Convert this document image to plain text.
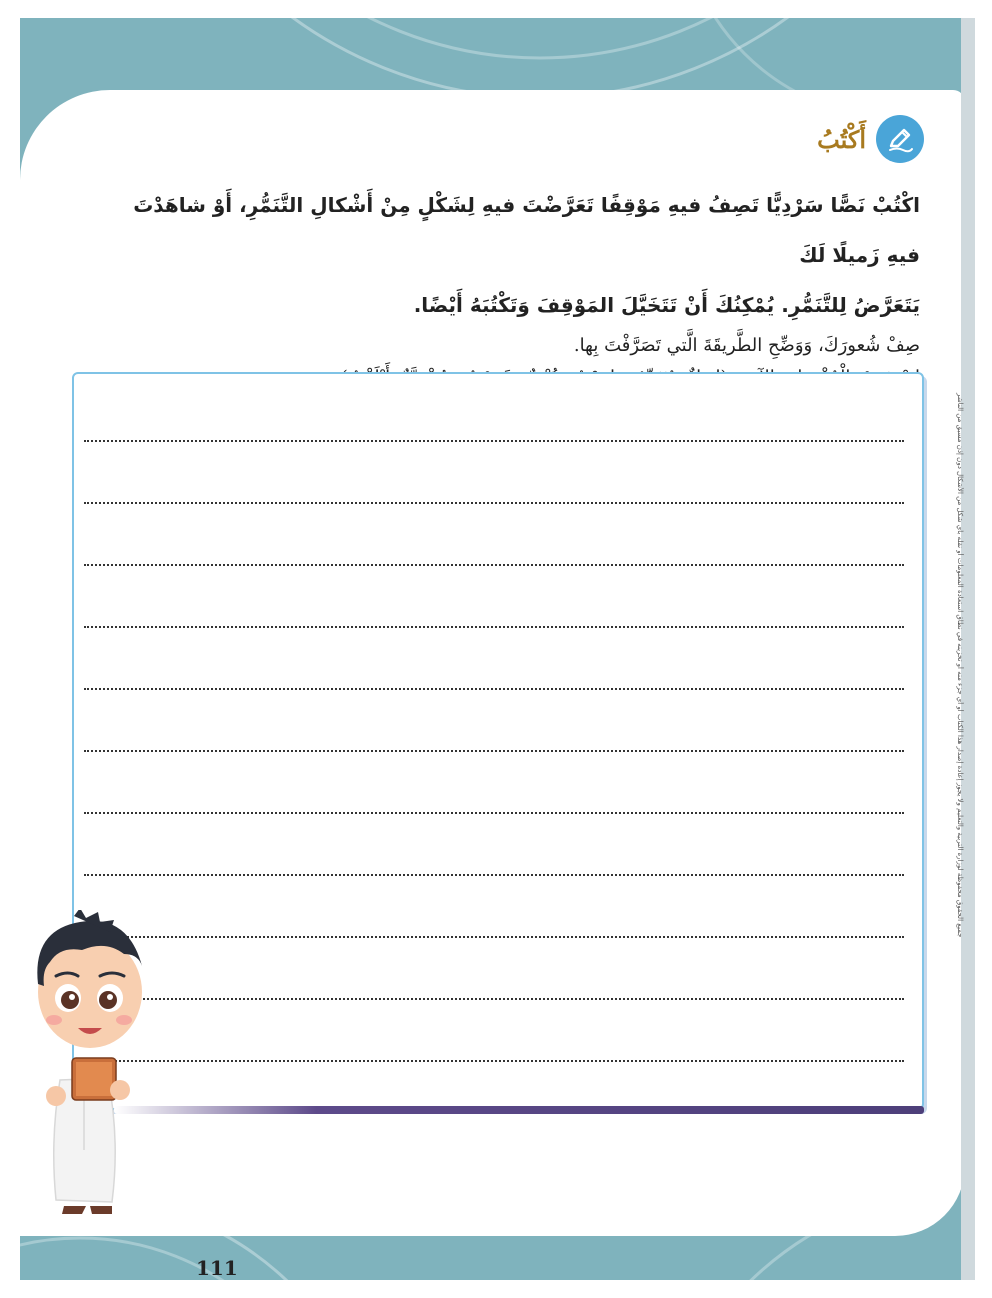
جميع الحقوق محفوظة لوزارة التربية والتعليم ولا يجوز إعادة إصدار هذا الكتاب أو أي جزء منه أو تخزينه في نطاق استعادة المعلومات أو نقله بأي شكل من الأشكال دون إذن مسبق من الناشر
أَكْتُبُ

اكْتُبْ نَصًّا سَرْدِيًّا تَصِفُ فيهِ مَوْقِفًا تَعَرَّضْتَ فيهِ لِشَكْلٍ مِنْ أَشْكالِ التَّنَمُّرِ، أَوْ شاهَدْتَ فيهِ زَميلًا لَكَ

يَتَعَرَّضُ لِلتَّنَمُّرِ. يُمْكِنُكَ أَنْ تَتَخَيَّلَ المَوْقِفَ وَتَكْتُبَهُ أَيْضًا.

صِفْ شُعورَكَ، وَوَضِّحِ الطَّريقَةَ الَّتي تَصَرَّفْتَ بِها.

111
